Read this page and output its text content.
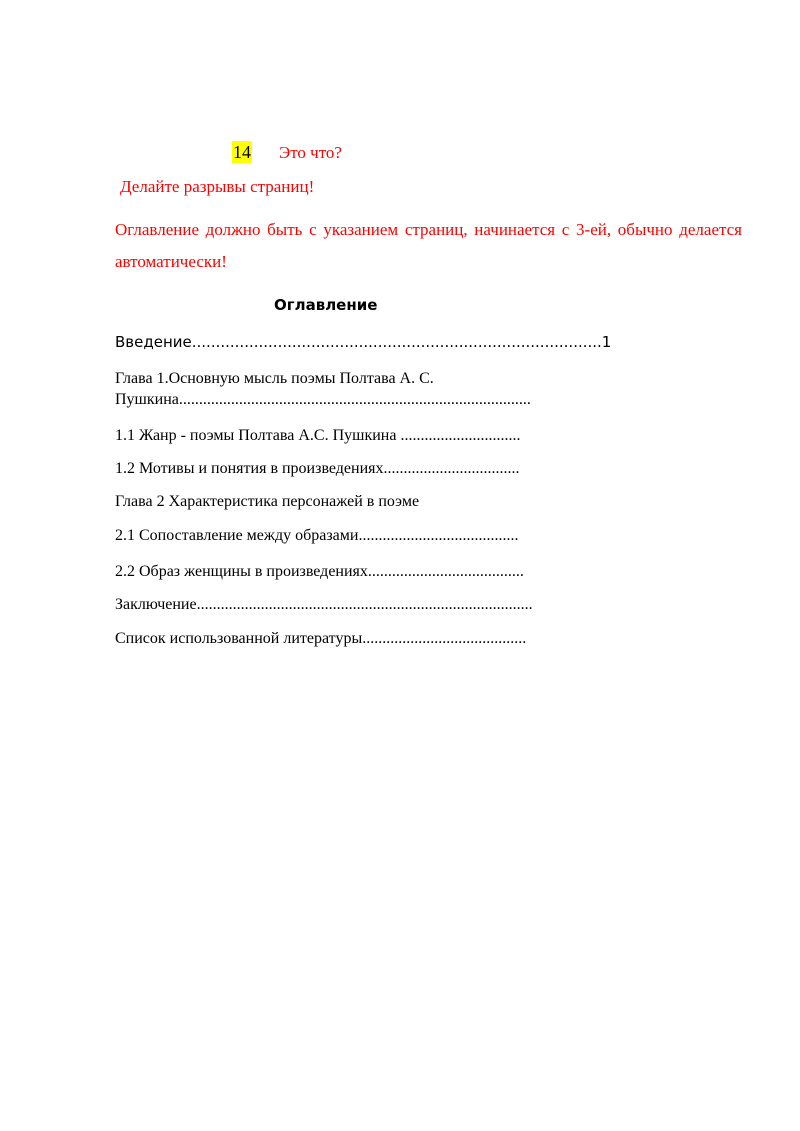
14 Это что?
Делайте разрывы страниц!
Оглавление должно быть с указанием страниц, начинается с 3-ей, обычно делается автоматически!
Оглавление
Введение......................................................................................1
Глава 1.Основную мысль поэмы Полтава А. С.
Пушкина........................................................................................
1.1 Жанр - поэмы Полтава А.С. Пушкина ..............................
1.2 Мотивы и понятия в произведениях..................................
Глава 2 Характеристика персонажей в поэме
2.1 Сопоставление между образами........................................
2.2 Образ женщины в произведениях.......................................
Заключение....................................................................................
Список использованной литературы.........................................
